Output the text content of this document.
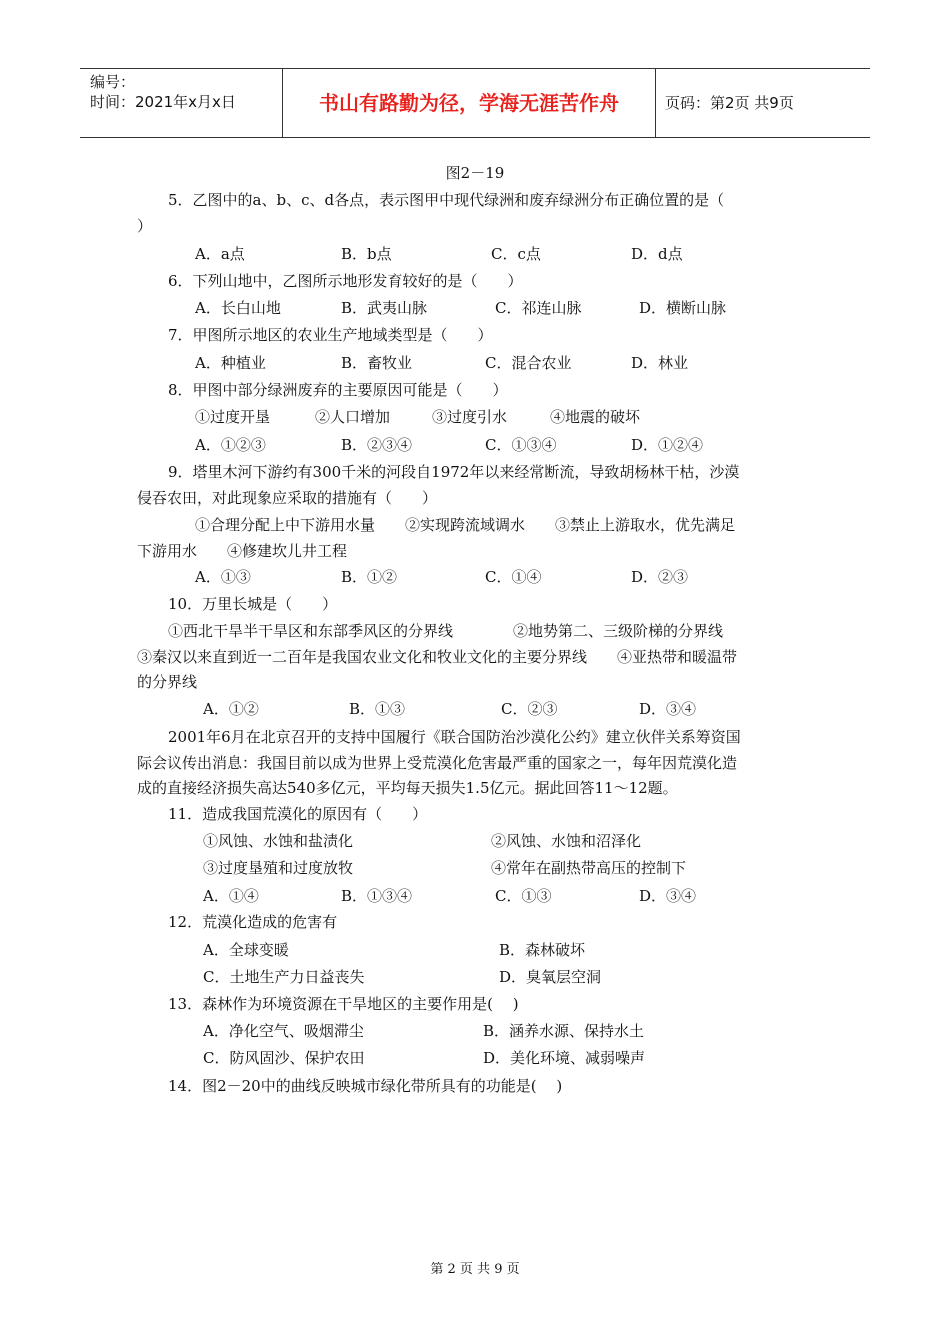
编号：
时间：2021年x月x日	书山有路勤为径，学海无涯苦作舟	页码：第2页 共9页
图2－19
5．乙图中的a、b、c、d各点，表示图甲中现代绿洲和废弃绿洲分布正确位置的是（
）
A．a点	B．b点	C．c点	D．d点
6．下列山地中，乙图所示地形发育较好的是（　　）
A．长白山地	B．武夷山脉	C．祁连山脉	D．横断山脉
7．甲图所示地区的农业生产地域类型是（　　）
A．种植业	B．畜牧业	C．混合农业	D．林业
8．甲图中部分绿洲废弃的主要原因可能是（　　）
①过度开垦	②人口增加	③过度引水	④地震的破坏
A．①②③	B．②③④	C．①③④	D．①②④
9．塔里木河下游约有300千米的河段自1972年以来经常断流，导致胡杨林干枯，沙漠
侵吞农田，对此现象应采取的措施有（　　）
①合理分配上中下游用水量　　②实现跨流域调水　　③禁止上游取水，优先满足
下游用水　　④修建坎儿井工程
A．①③	B．①②	C．①④	D．②③
10．万里长城是（　　）
①西北干旱半干旱区和东部季风区的分界线　　　　②地势第二、三级阶梯的分界线
③秦汉以来直到近一二百年是我国农业文化和牧业文化的主要分界线　　④亚热带和暖温带
的分界线
A．①②	B．①③	C．②③	D．③④
2001年6月在北京召开的支持中国履行《联合国防治沙漠化公约》建立伙伴关系筹资国
际会议传出消息：我国目前以成为世界上受荒漠化危害最严重的国家之一，每年因荒漠化造
成的直接经济损失高达540多亿元，平均每天损失1.5亿元。据此回答11～12题。
11．造成我国荒漠化的原因有（　　）
①风蚀、水蚀和盐渍化	②风蚀、水蚀和沼泽化
③过度垦殖和过度放牧	④常年在副热带高压的控制下
A．①④	B．①③④	C．①③	D．③④
12．荒漠化造成的危害有
A．全球变暖	B．森林破坏
C．土地生产力日益丧失	D．臭氧层空洞
13．森林作为环境资源在干旱地区的主要作用是(　 )
A．净化空气、吸烟滞尘	B．涵养水源、保持水土
C．防风固沙、保护农田	D．美化环境、减弱噪声
14．图2－20中的曲线反映城市绿化带所具有的功能是(　 )
第 2 页 共 9 页
